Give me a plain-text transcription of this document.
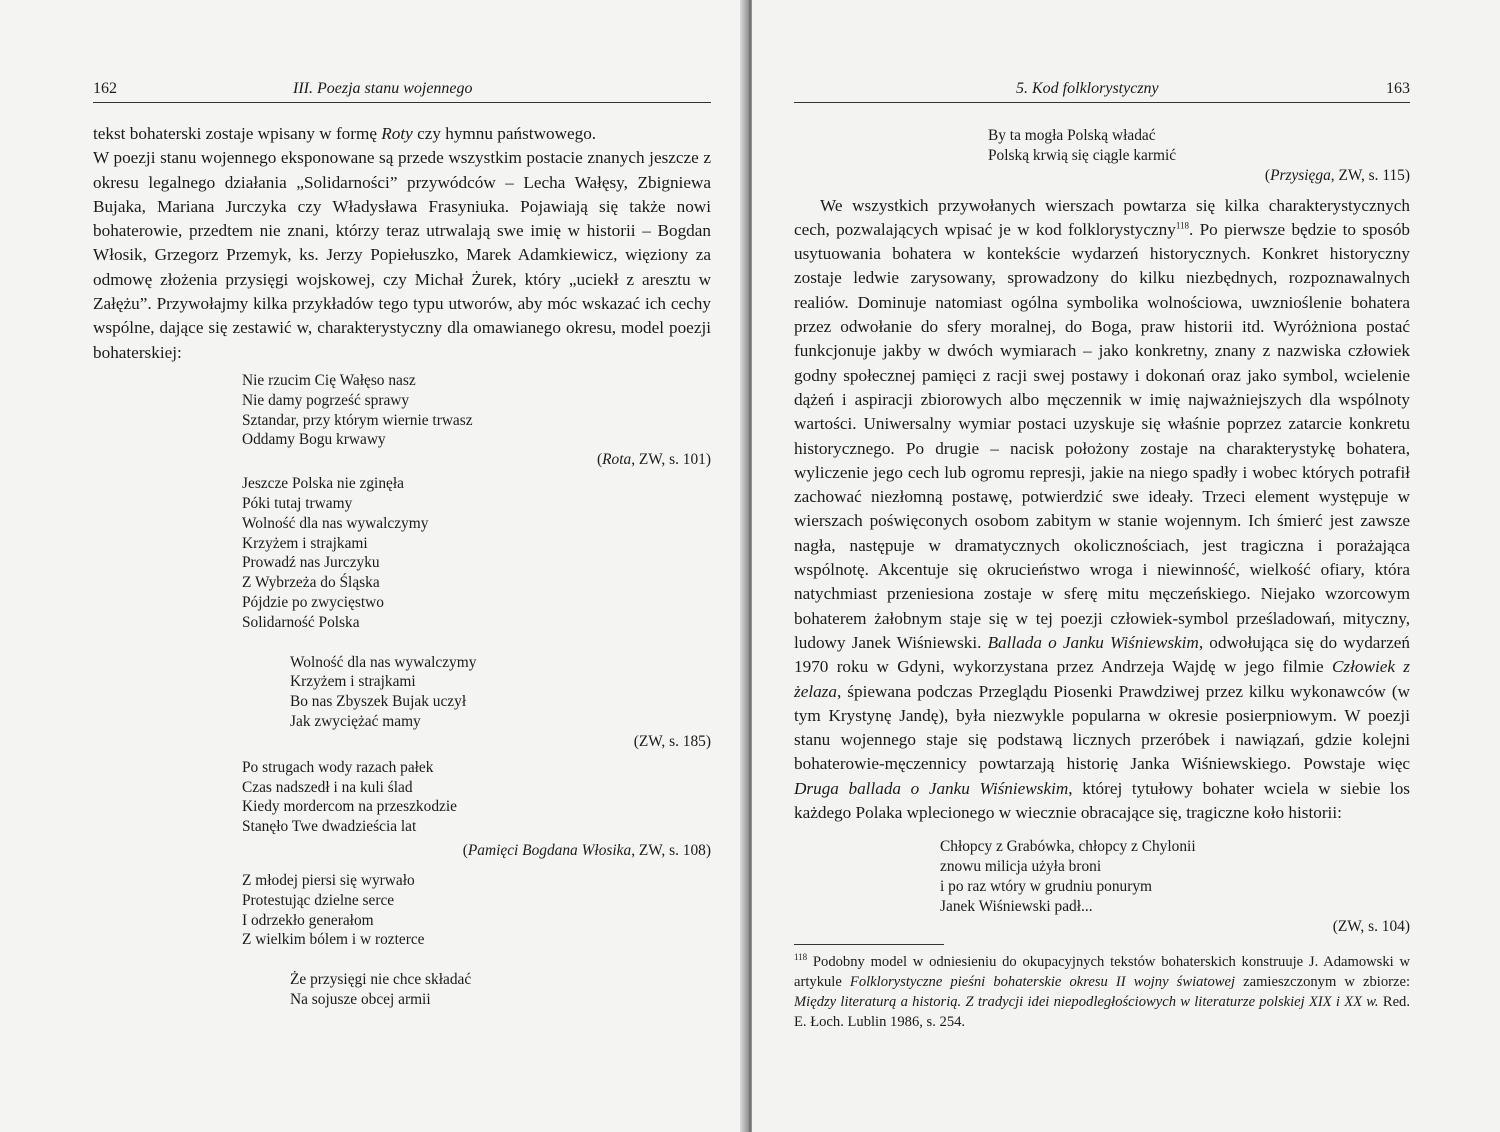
162	III. Poezja stanu wojennego

tekst bohaterski zostaje wpisany w formę Roty czy hymnu państwowego.

W poezji stanu wojennego eksponowane są przede wszystkim postacie znanych jeszcze z okresu legalnego działania „Solidarności” przywódców – Lecha Wałęsy, Zbigniewa Bujaka, Mariana Jurczyka czy Władysława Frasyniuka. Pojawiają się także nowi bohaterowie, przedtem nie znani, którzy teraz utrwalają swe imię w historii – Bogdan Włosik, Grzegorz Przemyk, ks. Jerzy Popiełuszko, Marek Adamkiewicz, więziony za odmowę złożenia przysięgi wojskowej, czy Michał Żurek, który „uciekł z aresztu w Załężu”. Przywołajmy kilka przykładów tego typu utworów, aby móc wskazać ich cechy wspólne, dające się zestawić w, charakterystyczny dla omawianego okresu, model poezji bohaterskiej:

Nie rzucim Cię Wałęso nasz
Nie damy pogrześć sprawy
Sztandar, przy którym wiernie trwasz
Oddamy Bogu krwawy
(Rota, ZW, s. 101)
Jeszcze Polska nie zginęła
Póki tutaj trwamy
Wolność dla nas wywalczymy
Krzyżem i strajkami
Prowadź nas Jurczyku
Z Wybrzeża do Śląska
Pójdzie po zwycięstwo
Solidarność Polska
Wolność dla nas wywalczymy
Krzyżem i strajkami
Bo nas Zbyszek Bujak uczył
Jak zwyciężać mamy
(ZW, s. 185)
Po strugach wody razach pałek
Czas nadszedł i na kuli ślad
Kiedy mordercom na przeszkodzie
Stanęło Twe dwadzieścia lat
(Pamięci Bogdana Włosika, ZW, s. 108)
Z młodej piersi się wyrwało
Protestując dzielne serce
I odrzekło generałom
Z wielkim bólem i w rozterce
Że przysięgi nie chce składać
Na sojusze obcej armii
5. Kod folklorystyczny	163
By ta mogła Polską władać
Polską krwią się ciągle karmić
(Przysięga, ZW, s. 115)

We wszystkich przywołanych wierszach powtarza się kilka charakterystycznych cech, pozwalających wpisać je w kod folklorystyczny$^{118}$. Po pierwsze będzie to sposób usytuowania bohatera w kontekście wydarzeń historycznych. Konkret historyczny zostaje ledwie zarysowany, sprowadzony do kilku niezbędnych, rozpoznawalnych realiów. Dominuje natomiast ogólna symbolika wolnościowa, uwznioślenie bohatera przez odwołanie do sfery moralnej, do Boga, praw historii itd. Wyróżniona postać funkcjonuje jakby w dwóch wymiarach – jako konkretny, znany z nazwiska człowiek godny społecznej pamięci z racji swej postawy i dokonań oraz jako symbol, wcielenie dążeń i aspiracji zbiorowych albo męczennik w imię najważniejszych dla wspólnoty wartości. Uniwersalny wymiar postaci uzyskuje się właśnie poprzez zatarcie konkretu historycznego. Po drugie – nacisk położony zostaje na charakterystykę bohatera, wyliczenie jego cech lub ogromu represji, jakie na niego spadły i wobec których potrafił zachować niezłomną postawę, potwierdzić swe ideały. Trzeci element występuje w wierszach poświęconych osobom zabitym w stanie wojennym. Ich śmierć jest zawsze nagła, następuje w dramatycznych okolicznościach, jest tragiczna i porażająca wspólnotę. Akcentuje się okrucieństwo wroga i niewinność, wielkość ofiary, która natychmiast przeniesiona zostaje w sferę mitu męczeńskiego. Niejako wzorcowym bohaterem żałobnym staje się w tej poezji człowiek-symbol prześladowań, mityczny, ludowy Janek Wiśniewski. Ballada o Janku Wiśniewskim, odwołująca się do wydarzeń 1970 roku w Gdyni, wykorzystana przez Andrzeja Wajdę w jego filmie Człowiek z żelaza, śpiewana podczas Przeglądu Piosenki Prawdziwej przez kilku wykonawców (w tym Krystynę Jandę), była niezwykle popularna w okresie posierpniowym. W poezji stanu wojennego staje się podstawą licznych przeróbek i nawiązań, gdzie kolejni bohaterowie-męczennicy powtarzają historię Janka Wiśniewskiego. Powstaje więc Druga ballada o Janku Wiśniewskim, której tytułowy bohater wciela w siebie los każdego Polaka wplecionego w wiecznie obracające się, tragiczne koło historii:

Chłopcy z Grabówka, chłopcy z Chylonii
znowu milicja użyła broni
i po raz wtóry w grudniu ponurym
Janek Wiśniewski padł...
(ZW, s. 104)
$^{118}$ Podobny model w odniesieniu do okupacyjnych tekstów bohaterskich konstruuje J. Adamowski w artykule Folklorystyczne pieśni bohaterskie okresu II wojny światowej zamieszczonym w zbiorze: Między literaturą a historią. Z tradycji idei niepodległościowych w literaturze polskiej XIX i XX w. Red. E. Łoch. Lublin 1986, s. 254.
